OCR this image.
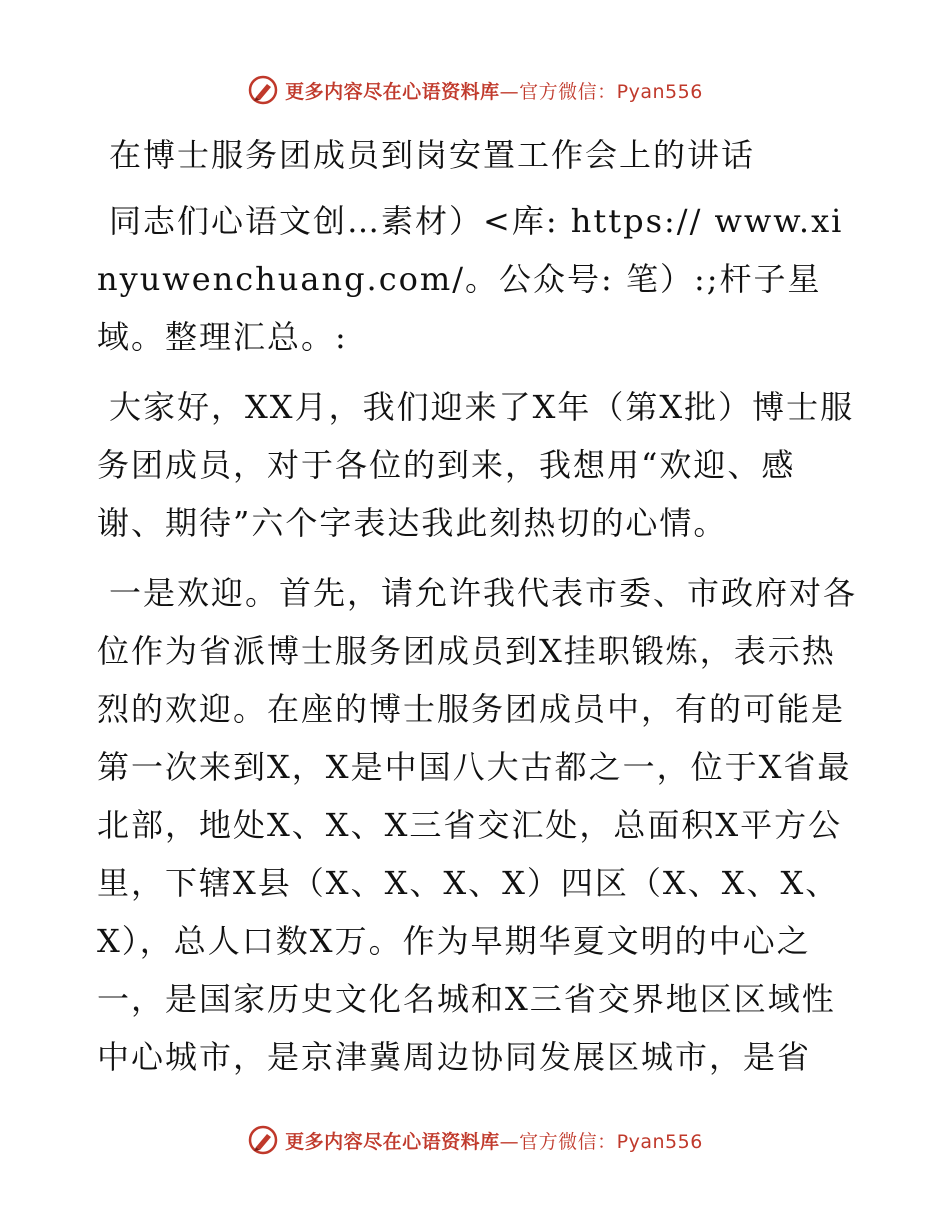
更多内容尽在心语资料库—官方微信：Pyan556

在博士服务团成员到岗安置工作会上的讲话

同志们心语文创…素材）<库: https:// www.xinyuwenchuang.com/。公众号: 笔）:;杆子星域。整理汇总。:

大家好，XX月，我们迎来了X年（第X批）博士服务团成员，对于各位的到来，我想用“欢迎、感谢、期待”六个字表达我此刻热切的心情。

一是欢迎。首先，请允许我代表市委、市政府对各位作为省派博士服务团成员到X挂职锻炼，表示热烈的欢迎。在座的博士服务团成员中，有的可能是第一次来到X，X是中国八大古都之一，位于X省最北部，地处X、X、X三省交汇处，总面积X平方公里，下辖X县（X、X、X、X）四区（X、X、X、X），总人口数X万。作为早期华夏文明的中心之一，是国家历史文化名城和X三省交界地区区域性中心城市，是京津冀周边协同发展区城市，是省

更多内容尽在心语资料库—官方微信：Pyan556
